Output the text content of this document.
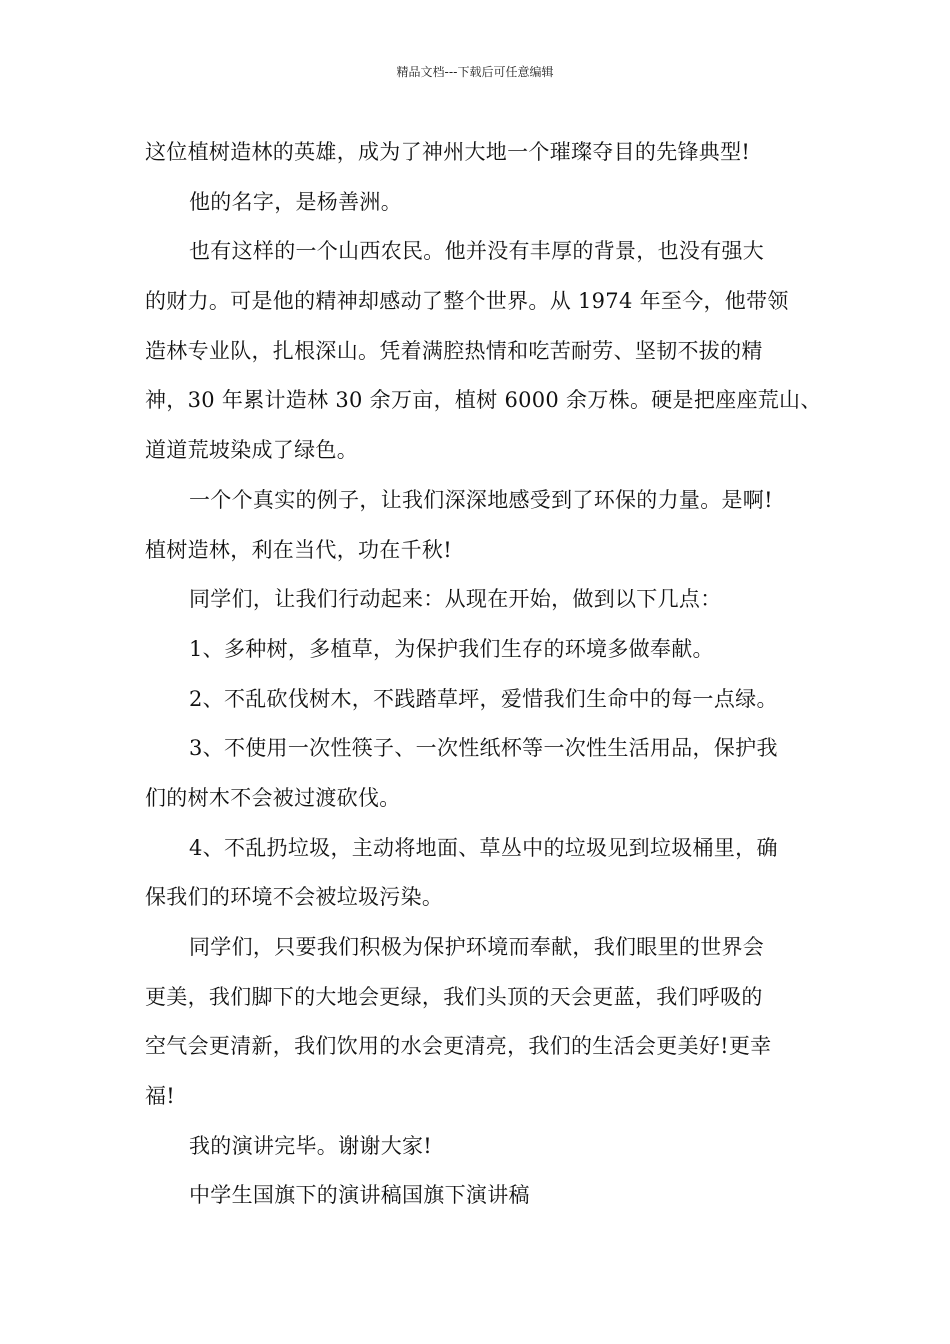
精品文档---下载后可任意编辑
这位植树造林的英雄，成为了神州大地一个璀璨夺目的先锋典型!
他的名字，是杨善洲。
也有这样的一个山西农民。他并没有丰厚的背景，也没有强大
的财力。可是他的精神却感动了整个世界。从 1974 年至今，他带领
造林专业队，扎根深山。凭着满腔热情和吃苦耐劳、坚韧不拔的精
神，30 年累计造林 30 余万亩，植树 6000 余万株。硬是把座座荒山、
道道荒坡染成了绿色。
一个个真实的例子，让我们深深地感受到了环保的力量。是啊!
植树造林，利在当代，功在千秋!
同学们，让我们行动起来：从现在开始，做到以下几点：
1、多种树，多植草，为保护我们生存的环境多做奉献。
2、不乱砍伐树木，不践踏草坪，爱惜我们生命中的每一点绿。
3、不使用一次性筷子、一次性纸杯等一次性生活用品，保护我
们的树木不会被过渡砍伐。
4、不乱扔垃圾，主动将地面、草丛中的垃圾见到垃圾桶里，确
保我们的环境不会被垃圾污染。
同学们，只要我们积极为保护环境而奉献，我们眼里的世界会
更美，我们脚下的大地会更绿，我们头顶的天会更蓝，我们呼吸的
空气会更清新，我们饮用的水会更清亮，我们的生活会更美好!更幸
福!
我的演讲完毕。谢谢大家!
中学生国旗下的演讲稿国旗下演讲稿
